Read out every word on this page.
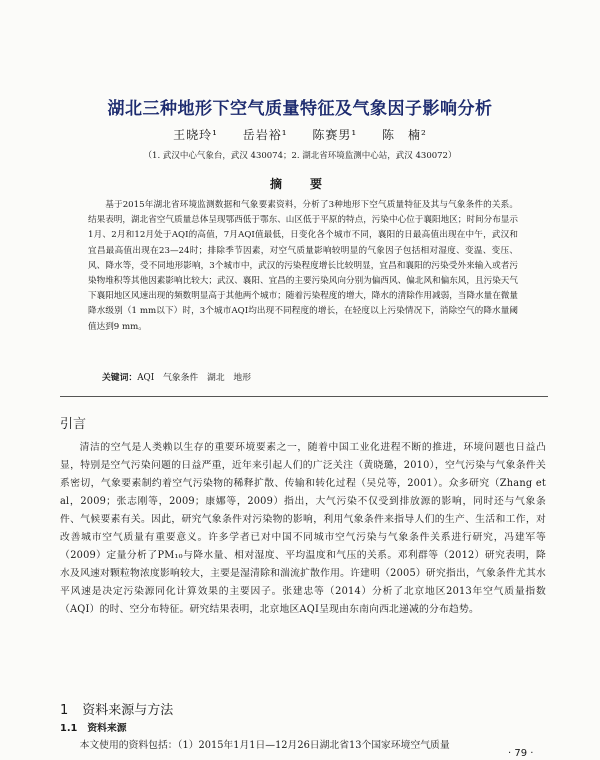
湖北三种地形下空气质量特征及气象因子影响分析
王晓玲¹ 岳岩裕¹ 陈赛男¹ 陈　楠²
（1. 武汉中心气象台，武汉 430074；2. 湖北省环境监测中心站，武汉 430072）
摘　要

基于2015年湖北省环境监测数据和气象要素资料，分析了3种地形下空气质量特征及其与气象条件的关系。结果表明，湖北省空气质量总体呈现鄂西低于鄂东、山区低于平原的特点，污染中心位于襄阳地区；时间分布显示1月、2月和12月处于AQI的高值，7月AQI值最低，日变化各个城市不同，襄阳的日最高值出现在中午，武汉和宜昌最高值出现在23—24时；排除季节因素，对空气质量影响较明显的气象因子包括相对湿度、变温、变压、风、降水等，受不同地形影响，3个城市中，武汉的污染程度增长比较明显，宜昌和襄阳的污染受外来输入或者污染物堆积等其他因素影响比较大；武汉、襄阳、宜昌的主要污染风向分别为偏西风、偏北风和偏东风，且污染天气下襄阳地区风速出现的频数明显高于其他两个城市；随着污染程度的增大，降水的清除作用减弱，当降水量在微量降水级别（1 mm以下）时，3个城市AQI均出现不同程度的增长，在轻度以上污染情况下，消除空气的降水量阈值达到9 mm。

关键词：AQI　气象条件　湖北　地形
引言

清洁的空气是人类赖以生存的重要环境要素之一，随着中国工业化进程不断的推进，环境问题也日益凸显，特别是空气污染问题的日益严重，近年来引起人们的广泛关注（黄晓璐，2010），空气污染与气象条件关系密切，气象要素制约着空气污染物的稀释扩散、传输和转化过程（吴兑等，2001）。众多研究（Zhang et al，2009；张志刚等，2009；康娜等，2009）指出，大气污染不仅受到排放源的影响，同时还与气象条件、气候要素有关。因此，研究气象条件对污染物的影响，利用气象条件来指导人们的生产、生活和工作，对改善城市空气质量有重要意义。许多学者已对中国不同城市空气污染与气象条件关系进行研究，冯建军等（2009）定量分析了PM₁₀与降水量、相对湿度、平均温度和气压的关系。邓利群等（2012）研究表明，降水及风速对颗粒物浓度影响较大，主要是湿清除和湍流扩散作用。许建明（2005）研究指出，气象条件尤其水平风速是决定污染源同化计算效果的主要因子。张建忠等（2014）分析了北京地区2013年空气质量指数（AQI）的时、空分布特征。研究结果表明，北京地区AQI呈现由东南向西北递减的分布趋势。

1 资料来源与方法
1.1 资料来源

本文使用的资料包括：（1）2015年1月1日—12月26日湖北省13个国家环境空气质量

· 79 ·
